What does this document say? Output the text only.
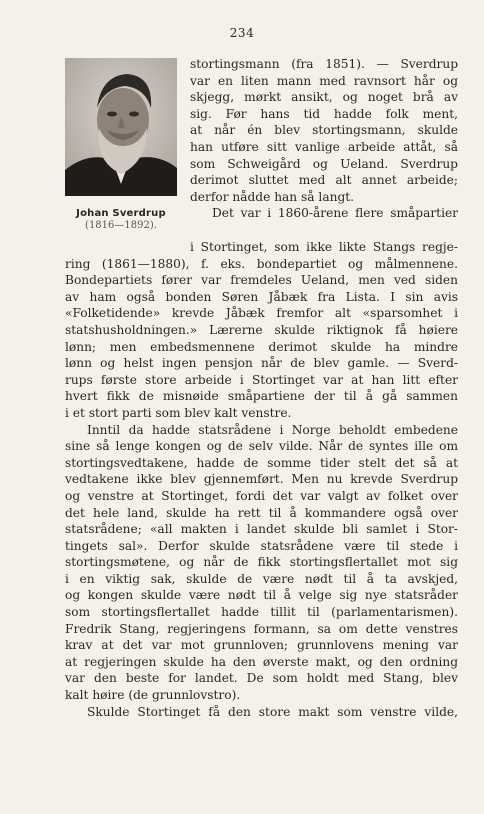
234
Johan Sverdrup
(1816—1892).
stortingsmann (fra 1851). — Sverdrup
var en liten mann med ravnsort hår og
skjegg, mørkt ansikt, og noget brå av
sig. Før hans tid hadde folk ment,
at når én blev stortingsmann, skulde
han utføre sitt vanlige arbeide attåt, så
som Schweigård og Ueland. Sverdrup
derimot sluttet med alt annet arbeide;
derfor nådde han så langt.
Det var i 1860-årene flere småpartier
i Stortinget, som ikke likte Stangs regje-
ring (1861—1880), f. eks. bondepartiet og målmennene.
Bondepartiets fører var fremdeles Ueland, men ved siden
av ham også bonden Søren Jåbæk fra Lista. I sin avis
«Folketidende» krevde Jåbæk fremfor alt «sparsomhet i
statshusholdningen.» Lærerne skulde riktignok få høiere
lønn; men embedsmennene derimot skulde ha mindre
lønn og helst ingen pensjon når de blev gamle. — Sverd-
rups første store arbeide i Stortinget var at han litt efter
hvert fikk de misnøide småpartiene der til å gå sammen
i et stort parti som blev kalt venstre.
Inntil da hadde statsrådene i Norge beholdt embedene
sine så lenge kongen og de selv vilde. Når de syntes ille om
stortingsvedtakene, hadde de somme tider stelt det så at
vedtakene ikke blev gjennemført. Men nu krevde Sverdrup
og venstre at Stortinget, fordi det var valgt av folket over
det hele land, skulde ha rett til å kommandere også over
statsrådene; «all makten i landet skulde bli samlet i Stor-
tingets sal». Derfor skulde statsrådene være til stede i
stortingsmøtene, og når de fikk stortingsflertallet mot sig
i en viktig sak, skulde de være nødt til å ta avskjed,
og kongen skulde være nødt til å velge sig nye statsråder
som stortingsflertallet hadde tillit til (parlamentarismen).
Fredrik Stang, regjeringens formann, sa om dette venstres
krav at det var mot grunnloven; grunnlovens mening var
at regjeringen skulde ha den øverste makt, og den ordning
var den beste for landet. De som holdt med Stang, blev
kalt høire (de grunnlovstro).
Skulde Stortinget få den store makt som venstre vilde,
